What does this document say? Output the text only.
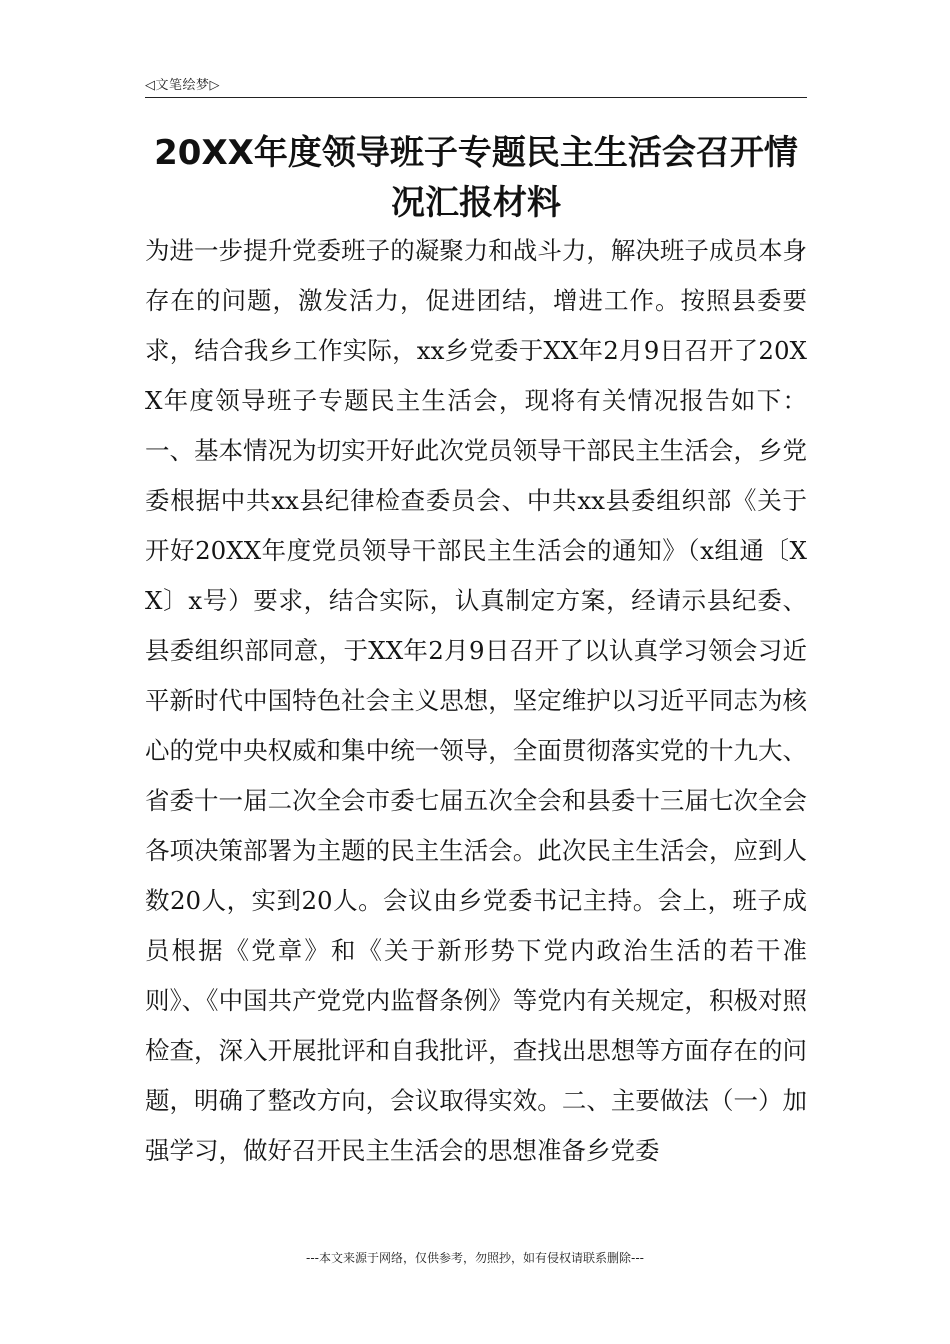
◁文笔绘梦▷
20XX年度领导班子专题民主生活会召开情况汇报材料
为进一步提升党委班子的凝聚力和战斗力，解决班子成员本身存在的问题，激发活力，促进团结，增进工作。按照县委要求，结合我乡工作实际，xx乡党委于XX年2月9日召开了20XX年度领导班子专题民主生活会，现将有关情况报告如下：一、基本情况为切实开好此次党员领导干部民主生活会，乡党委根据中共xx县纪律检查委员会、中共xx县委组织部《关于开好20XX年度党员领导干部民主生活会的通知》（x组通〔XX〕x号）要求，结合实际，认真制定方案，经请示县纪委、县委组织部同意，于XX年2月9日召开了以认真学习领会习近平新时代中国特色社会主义思想，坚定维护以习近平同志为核心的党中央权威和集中统一领导，全面贯彻落实党的十九大、省委十一届二次全会市委七届五次全会和县委十三届七次全会各项决策部署为主题的民主生活会。此次民主生活会，应到人数20人，实到20人。会议由乡党委书记主持。会上，班子成员根据《党章》和《关于新形势下党内政治生活的若干准则》、《中国共产党党内监督条例》等党内有关规定，积极对照检查，深入开展批评和自我批评，查找出思想等方面存在的问题，明确了整改方向，会议取得实效。二、主要做法（一）加强学习，做好召开民主生活会的思想准备乡党委
---本文来源于网络，仅供参考，勿照抄，如有侵权请联系删除---
